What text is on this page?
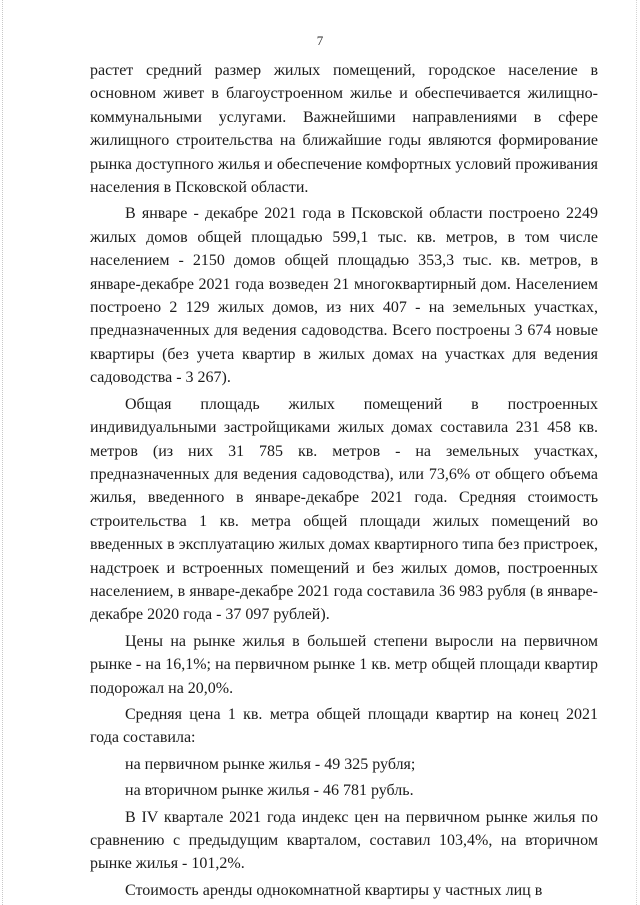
7

растет средний размер жилых помещений, городское население в основном живет в благоустроенном жилье и обеспечивается жилищно-коммунальными услугами. Важнейшими направлениями в сфере жилищного строительства на ближайшие годы являются формирование рынка доступного жилья и обеспечение комфортных условий проживания населения в Псковской области.

В январе - декабре 2021 года в Псковской области построено 2249 жилых домов общей площадью 599,1 тыс. кв. метров, в том числе населением - 2150 домов общей площадью 353,3 тыс. кв. метров, в январе-декабре 2021 года возведен 21 многоквартирный дом. Населением построено 2 129 жилых домов, из них 407 - на земельных участках, предназначенных для ведения садоводства. Всего построены 3 674 новые квартиры (без учета квартир в жилых домах на участках для ведения садоводства - 3 267).

Общая площадь жилых помещений в построенных индивидуальными застройщиками жилых домах составила 231 458 кв. метров (из них 31 785 кв. метров - на земельных участках, предназначенных для ведения садоводства), или 73,6% от общего объема жилья, введенного в январе-декабре 2021 года. Средняя стоимость строительства 1 кв. метра общей площади жилых помещений во введенных в эксплуатацию жилых домах квартирного типа без пристроек, надстроек и встроенных помещений и без жилых домов, построенных населением, в январе-декабре 2021 года составила 36 983 рубля (в январе-декабре 2020 года - 37 097 рублей).

Цены на рынке жилья в большей степени выросли на первичном рынке - на 16,1%; на первичном рынке 1 кв. метр общей площади квартир подорожал на 20,0%.

Средняя цена 1 кв. метра общей площади квартир на конец 2021 года составила:

на первичном рынке жилья - 49 325 рубля;

на вторичном рынке жилья - 46 781 рубль.

В IV квартале 2021 года индекс цен на первичном рынке жилья по сравнению с предыдущим кварталом, составил 103,4%, на вторичном рынке жилья - 101,2%.

Стоимость аренды однокомнатной квартиры у частных лиц в
